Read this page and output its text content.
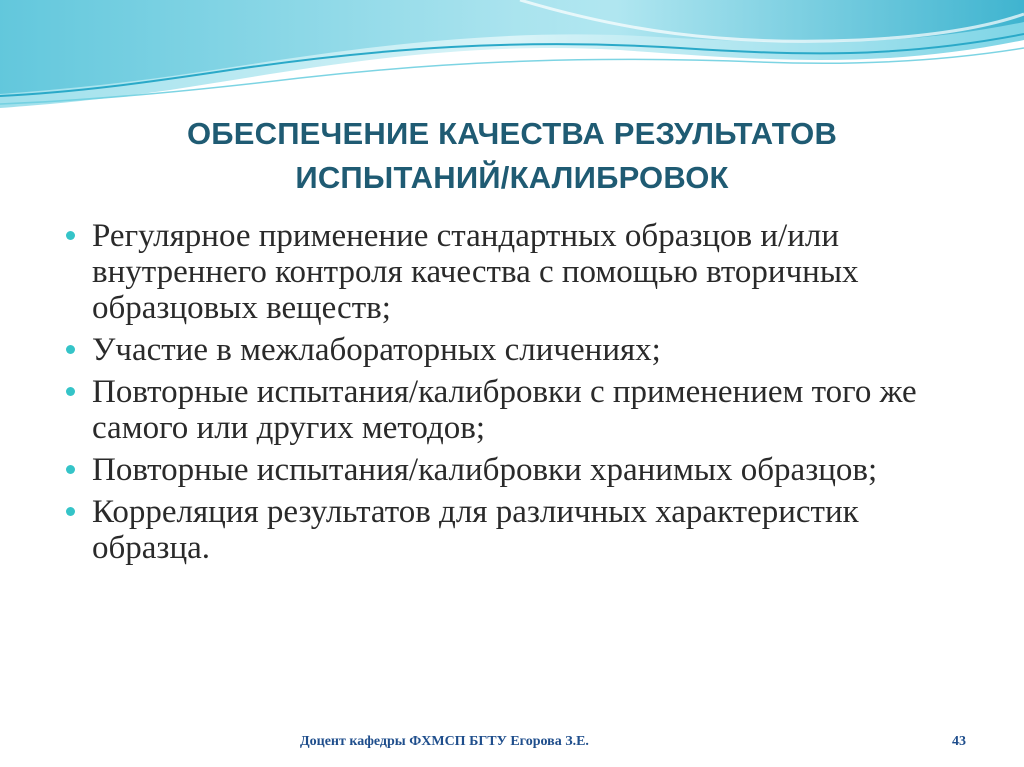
ОБЕСПЕЧЕНИЕ КАЧЕСТВА РЕЗУЛЬТАТОВ
ИСПЫТАНИЙ/КАЛИБРОВОК
Регулярное применение стандартных образцов и/или внутреннего контроля качества с помощью вторичных образцовых веществ;
Участие в межлабораторных сличениях;
Повторные испытания/калибровки с применением того же самого или других методов;
Повторные испытания/калибровки хранимых образцов;
Корреляция результатов для различных характеристик образца.
Доцент кафедры ФХМСП БГТУ Егорова З.Е.	43
